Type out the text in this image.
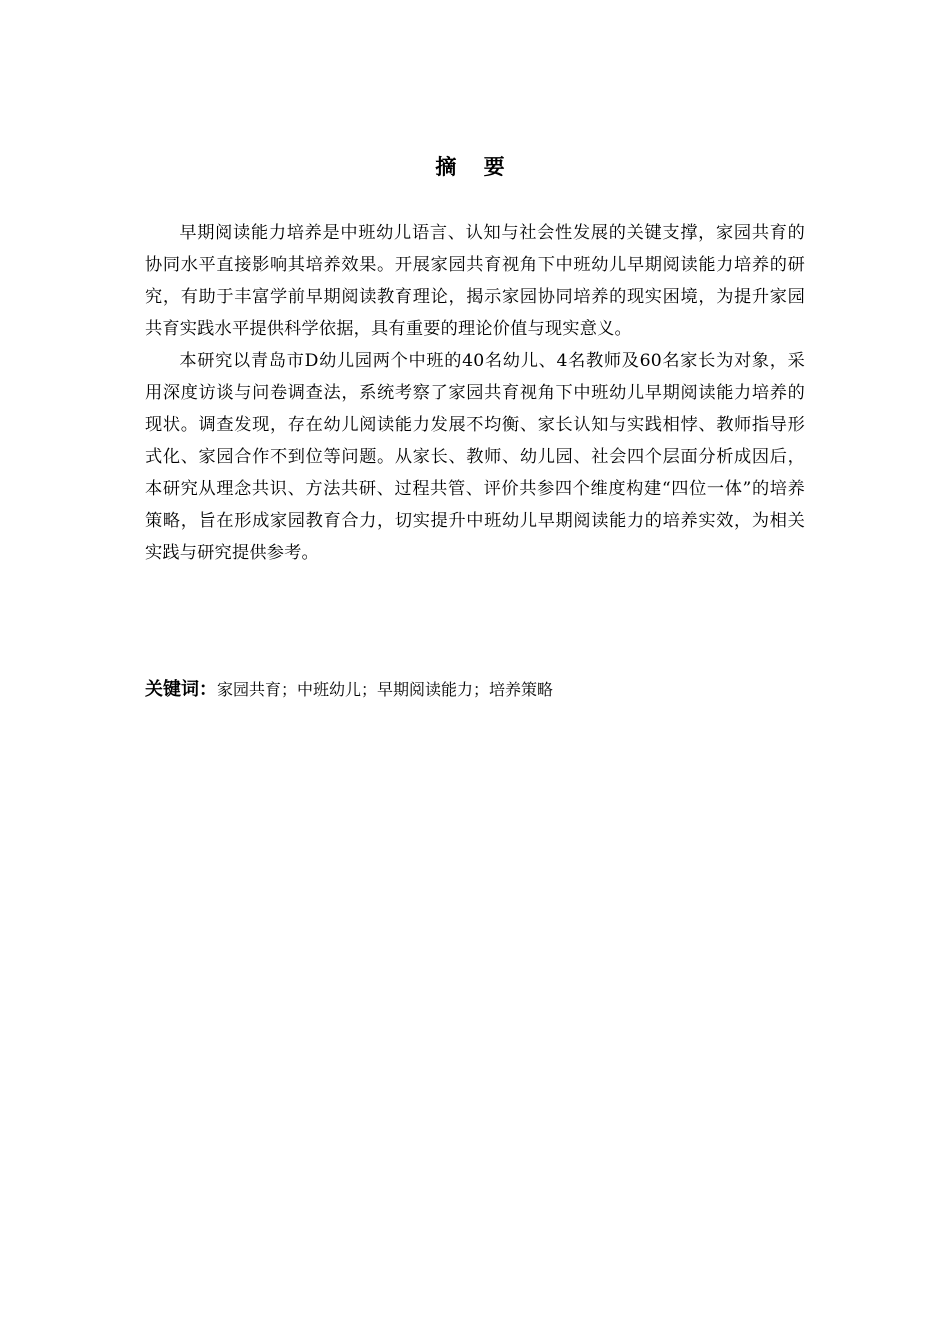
摘 要

早期阅读能力培养是中班幼儿语言、认知与社会性发展的关键支撑，家园共育的协同水平直接影响其培养效果。开展家园共育视角下中班幼儿早期阅读能力培养的研究，有助于丰富学前早期阅读教育理论，揭示家园协同培养的现实困境，为提升家园共育实践水平提供科学依据，具有重要的理论价值与现实意义。

本研究以青岛市D幼儿园两个中班的40名幼儿、4名教师及60名家长为对象，采用深度访谈与问卷调查法，系统考察了家园共育视角下中班幼儿早期阅读能力培养的现状。调查发现，存在幼儿阅读能力发展不均衡、家长认知与实践相悖、教师指导形式化、家园合作不到位等问题。从家长、教师、幼儿园、社会四个层面分析成因后，本研究从理念共识、方法共研、过程共管、评价共参四个维度构建“四位一体”的培养策略，旨在形成家园教育合力，切实提升中班幼儿早期阅读能力的培养实效，为相关实践与研究提供参考。

关键词：家园共育；中班幼儿；早期阅读能力；培养策略
